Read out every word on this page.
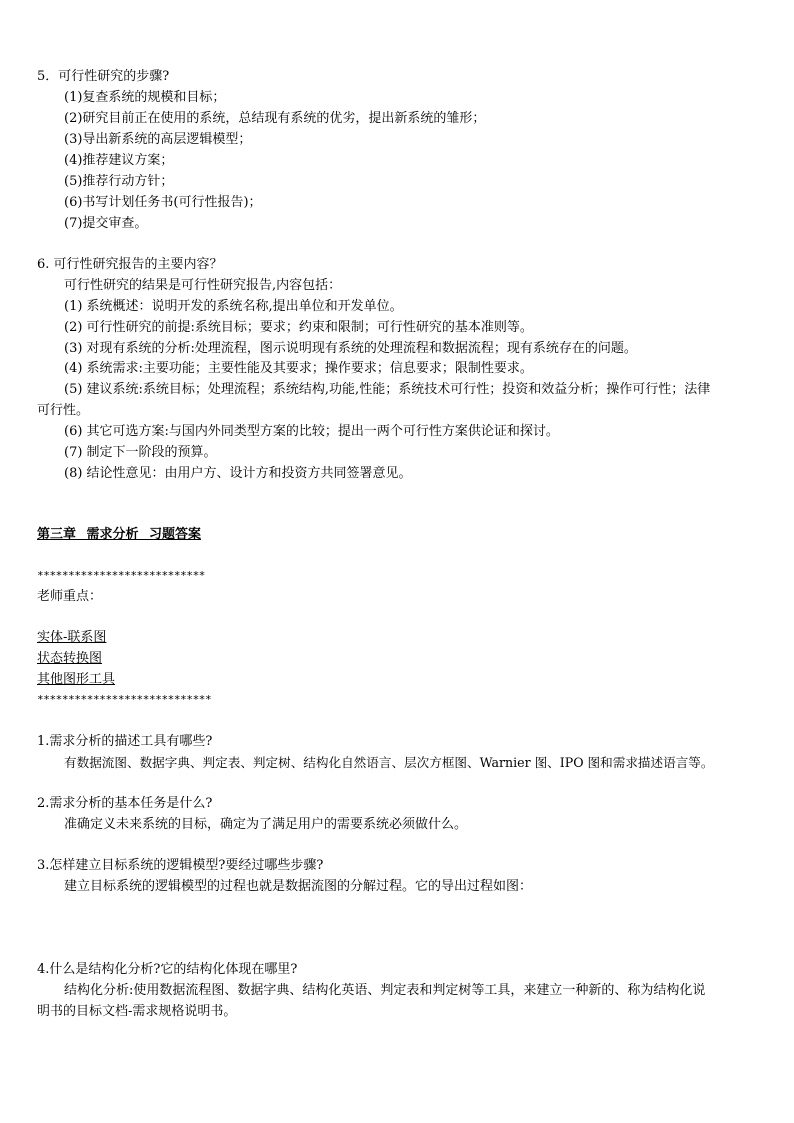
5．可行性研究的步骤?
(1)复查系统的规模和目标；
(2)研究目前正在使用的系统，总结现有系统的优劣，提出新系统的雏形；
(3)导出新系统的高层逻辑模型；
(4)推荐建议方案；
(5)推荐行动方针；
(6)书写计划任务书(可行性报告)；
(7)提交审查。
6. 可行性研究报告的主要内容？
可行性研究的结果是可行性研究报告,内容包括：
(1) 系统概述：说明开发的系统名称,提出单位和开发单位。
(2) 可行性研究的前提:系统目标；要求；约束和限制；可行性研究的基本准则等。
(3) 对现有系统的分析:处理流程，图示说明现有系统的处理流程和数据流程；现有系统存在的问题。
(4) 系统需求:主要功能；主要性能及其要求；操作要求；信息要求；限制性要求。
(5) 建议系统:系统目标；处理流程；系统结构,功能,性能；系统技术可行性；投资和效益分析；操作可行性；法律
可行性。
(6) 其它可选方案:与国内外同类型方案的比较；提出一两个可行性方案供论证和探讨。
(7) 制定下一阶段的预算。
(8) 结论性意见：由用户方、设计方和投资方共同签署意见。
第三章 需求分析 习题答案
***************************
老师重点：
实体-联系图
状态转换图
其他图形工具
****************************
1.需求分析的描述工具有哪些?
有数据流图、数据字典、判定表、判定树、结构化自然语言、层次方框图、Warnier 图、IPO 图和需求描述语言等。
2.需求分析的基本任务是什么?
准确定义未来系统的目标，确定为了满足用户的需要系统必须做什么。
3.怎样建立目标系统的逻辑模型?要经过哪些步骤?
建立目标系统的逻辑模型的过程也就是数据流图的分解过程。它的导出过程如图：
4.什么是结构化分析?它的结构化体现在哪里?
结构化分析:使用数据流程图、数据字典、结构化英语、判定表和判定树等工具，来建立一种新的、称为结构化说
明书的目标文档-需求规格说明书。
